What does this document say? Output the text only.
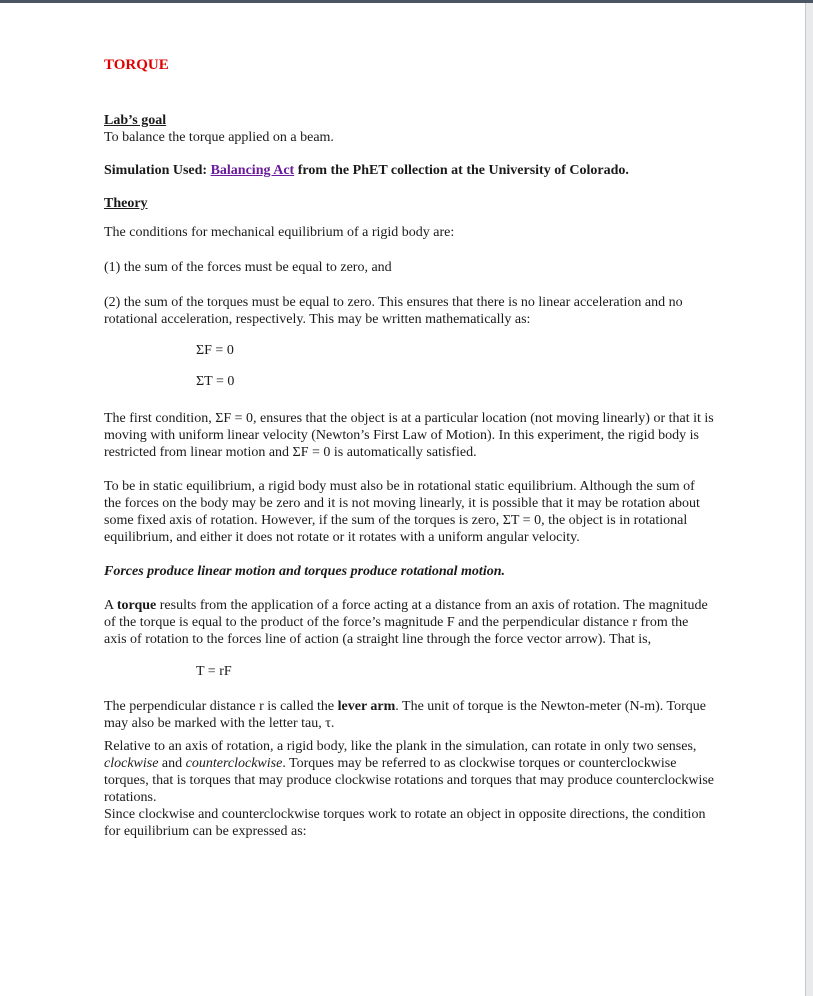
TORQUE

Lab’s goal

To balance the torque applied on a beam.

Simulation Used: Balancing Act from the PhET collection at the University of Colorado.

Theory

The conditions for mechanical equilibrium of a rigid body are:

(1) the sum of the forces must be equal to zero, and

(2) the sum of the torques must be equal to zero. This ensures that there is no linear acceleration and no rotational acceleration, respectively. This may be written mathematically as:

ΣF = 0

ΣT = 0

The first condition, ΣF = 0, ensures that the object is at a particular location (not moving linearly) or that it is moving with uniform linear velocity (Newton’s First Law of Motion). In this experiment, the rigid body is restricted from linear motion and ΣF = 0 is automatically satisfied.

To be in static equilibrium, a rigid body must also be in rotational static equilibrium. Although the sum of the forces on the body may be zero and it is not moving linearly, it is possible that it may be rotation about some fixed axis of rotation. However, if the sum of the torques is zero, ΣT = 0, the object is in rotational equilibrium, and either it does not rotate or it rotates with a uniform angular velocity.

Forces produce linear motion and torques produce rotational motion.

A torque results from the application of a force acting at a distance from an axis of rotation. The magnitude of the torque is equal to the product of the force’s magnitude F and the perpendicular distance r from the axis of rotation to the forces line of action (a straight line through the force vector arrow). That is,

T = rF

The perpendicular distance r is called the lever arm. The unit of torque is the Newton-meter (N-m). Torque may also be marked with the letter tau, τ.

Relative to an axis of rotation, a rigid body, like the plank in the simulation, can rotate in only two senses, clockwise and counterclockwise. Torques may be referred to as clockwise torques or counterclockwise torques, that is torques that may produce clockwise rotations and torques that may produce counterclockwise rotations.

Since clockwise and counterclockwise torques work to rotate an object in opposite directions, the condition for equilibrium can be expressed as:
